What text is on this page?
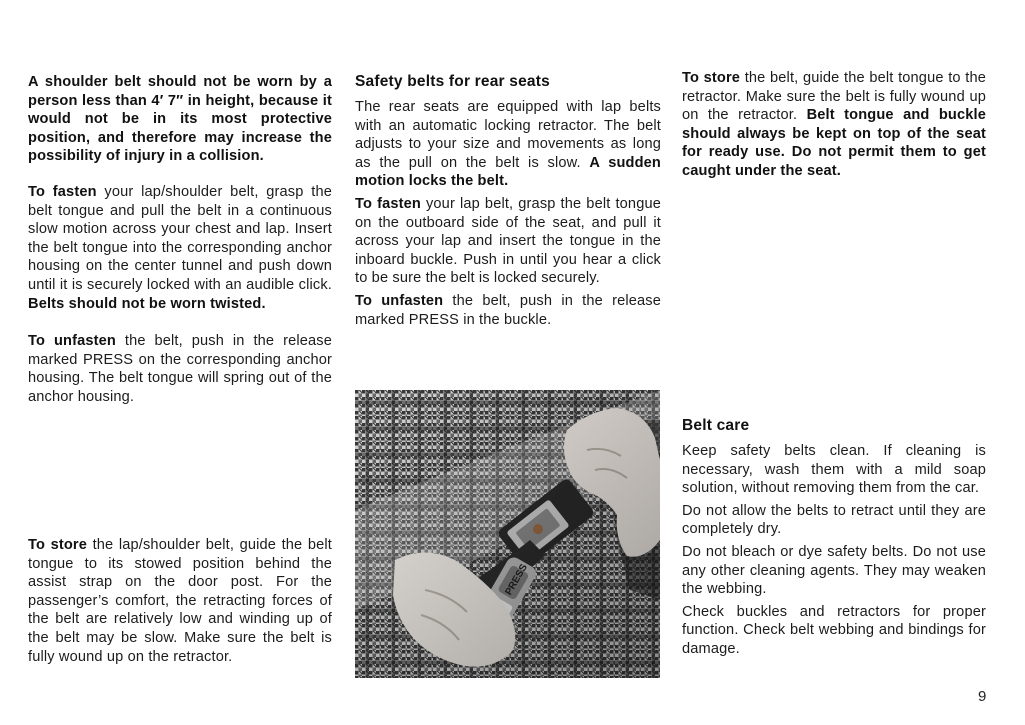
A shoulder belt should not be worn by a person less than 4′ 7″ in height, because it would not be in its most protective position, and therefore may increase the possibility of injury in a collision.

To fasten your lap/shoulder belt, grasp the belt tongue and pull the belt in a continuous slow motion across your chest and lap. Insert the belt tongue into the corresponding anchor housing on the center tunnel and push down until it is securely locked with an audible click. Belts should not be worn twisted.

To unfasten the belt, push in the release marked PRESS on the corresponding anchor housing. The belt tongue will spring out of the anchor housing.

To store the lap/shoulder belt, guide the belt tongue to its stowed position behind the assist strap on the door post. For the passenger’s comfort, the retracting forces of the belt are relatively low and winding up of the belt may be slow. Make sure the belt is fully wound up on the retractor.

Safety belts for rear seats

The rear seats are equipped with lap belts with an automatic locking retractor. The belt adjusts to your size and movements as long as the pull on the belt is slow. A sudden motion locks the belt.

To fasten your lap belt, grasp the belt tongue on the outboard side of the seat, and pull it across your lap and insert the tongue in the inboard buckle. Push in until you hear a click to be sure the belt is locked securely.

To unfasten the belt, push in the release marked PRESS in the buckle.

To store the belt, guide the belt tongue to the retractor. Make sure the belt is fully wound up on the retractor. Belt tongue and buckle should always be kept on top of the seat for ready use. Do not permit them to get caught under the seat.

Belt care

Keep safety belts clean. If cleaning is necessary, wash them with a mild soap solution, without removing them from the car.

Do not allow the belts to retract until they are completely dry.

Do not bleach or dye safety belts. Do not use any other cleaning agents. They may weaken the webbing.

Check buckles and retractors for proper function. Check belt webbing and bindings for damage.

9
